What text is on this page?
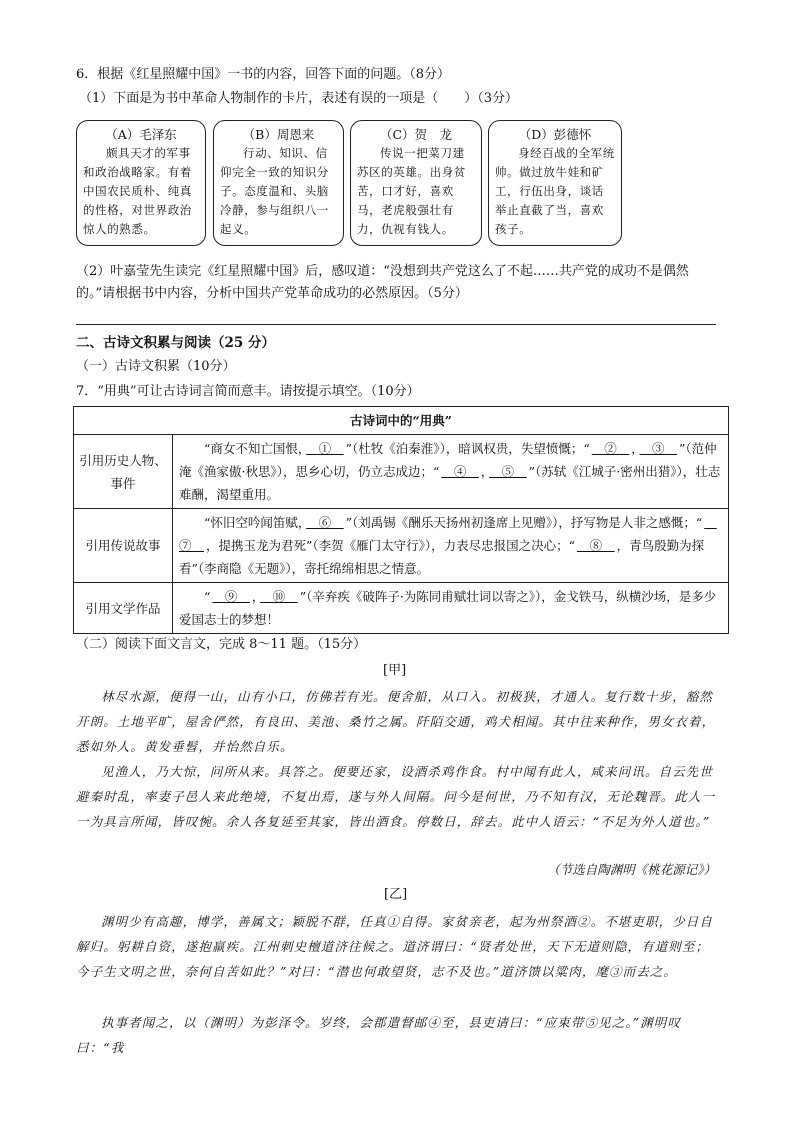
6．根据《红星照耀中国》一书的内容，回答下面的问题。（8分）
（1）下面是为书中革命人物制作的卡片，表述有误的一项是（　　）（3分）
（A）毛泽东
颇具天才的军事和政治战略家。有着中国农民质朴、纯真的性格，对世界政治惊人的熟悉。
（B）周恩来
行动、知识、信仰完全一致的知识分子。态度温和、头脑冷静，参与组织八一起义。
（C）贺　龙
传说一把菜刀建苏区的英雄。出身贫苦，口才好，喜欢马，老虎般强壮有力，仇视有钱人。
（D）彭德怀
身经百战的全军统帅。做过放牛娃和矿工，行伍出身，谈话举止直截了当，喜欢孩子。
（2）叶嘉莹先生读完《红星照耀中国》后，感叹道：“没想到共产党这么了不起……共产党的成功不是偶然的。”请根据书中内容，分析中国共产党革命成功的必然原因。（5分）
二、古诗文积累与阅读（25 分）
（一）古诗文积累（10分）
7．“用典”可让古诗词言简而意丰。请按提示填空。（10分）
古诗词中的“用典”	
引用历史人物、事件	“商女不知亡国恨，　①　”（杜牧《泊秦淮》），暗讽权贵，失望愤慨；“　②　，　③　”（范仲淹《渔家傲·秋思》），思乡心切，仍立志成边；“　④　，　⑤　”（苏轼《江城子·密州出猎》），壮志难酬，渴望重用。
引用传说故事	“怀旧空吟闻笛赋，　⑥　”（刘禹锡《酬乐天扬州初逢席上见赠》），抒写物是人非之感慨；“　⑦　，提携玉龙为君死”（李贺《雁门太守行》），力表尽忠报国之决心；“　⑧　，青鸟殷勤为探看”（李商隐《无题》），寄托绵绵相思之情意。
引用文学作品	“　⑨　，　⑩　”（辛弃疾《破阵子·为陈同甫赋壮词以寄之》），金戈铁马，纵横沙场，是多少爱国志士的梦想！
（二）阅读下面文言文，完成 8～11 题。（15分）
[甲]
林尽水源，便得一山，山有小口，仿佛若有光。便舍船，从口入。初极狭，才通人。复行数十步，豁然开朗。土地平旷，屋舍俨然，有良田、美池、桑竹之属。阡陌交通，鸡犬相闻。其中往来种作，男女衣着，悉如外人。黄发垂髫，并怡然自乐。
见渔人，乃大惊，问所从来。具答之。便要还家，设酒杀鸡作食。村中闻有此人，咸来问讯。自云先世避秦时乱，率妻子邑人来此绝境，不复出焉，遂与外人间隔。问今是何世，乃不知有汉，无论魏晋。此人一一为具言所闻，皆叹惋。余人各复延至其家，皆出酒食。停数日，辞去。此中人语云：“不足为外人道也。”
（节选自陶渊明《桃花源记》）
[乙]
渊明少有高趣，博学，善属文；颖脱不群，任真①自得。家贫亲老，起为州祭酒②。不堪吏职，少日自解归。躬耕自资，遂抱羸疾。江州刺史檀道济往候之。道济谓曰：“贤者处世，天下无道则隐，有道则至；今子生文明之世，奈何自苦如此？”对曰：“潜也何敢望贤，志不及也。”道济馈以粱肉，麾③而去之。
执事者闻之，以（渊明）为彭泽令。岁终，会郡遣督邮④至，县吏请曰：“应束带⑤见之。”渊明叹曰：“我
